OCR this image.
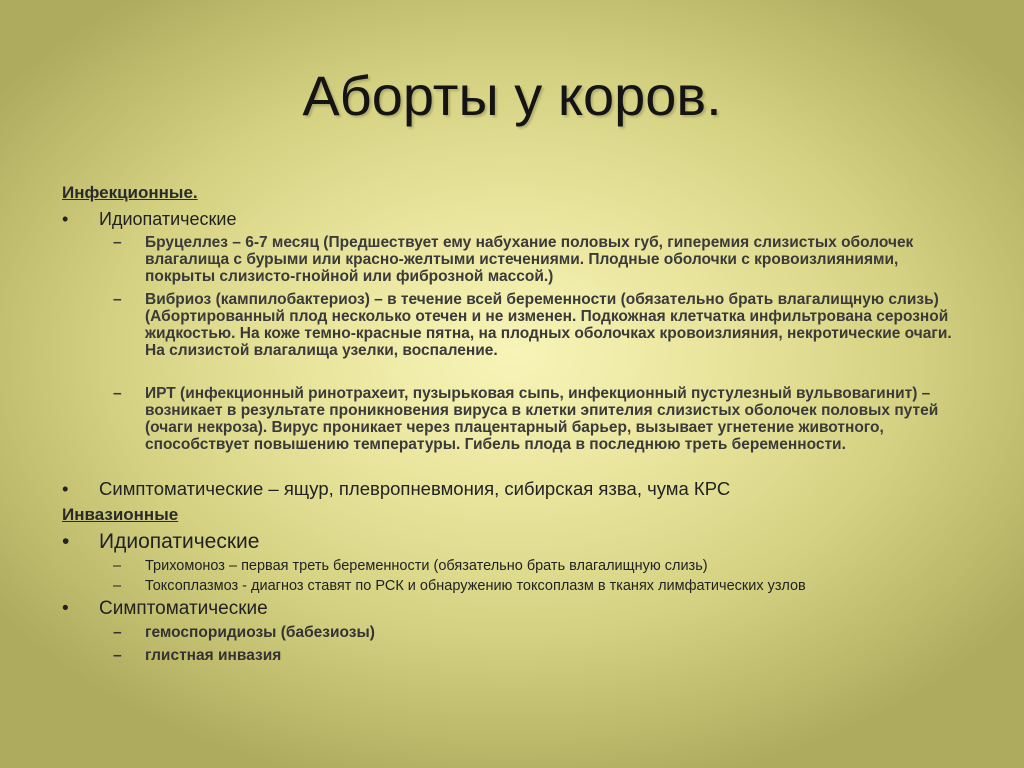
Аборты у коров.
Инфекционные.
• Идиопатические
– Бруцеллез – 6-7 месяц (Предшествует ему набухание половых губ, гиперемия слизистых оболочек влагалища с бурыми или красно-желтыми истечениями. Плодные оболочки с кровоизлияниями, покрыты слизисто-гнойной или фиброзной массой.)
– Вибриоз (кампилобактериоз) – в течение всей беременности (обязательно брать влагалищную слизь) (Абортированный плод несколько отечен и не изменен. Подкожная клетчатка инфильтрована серозной жидкостью. На коже темно-красные пятна, на плодных оболочках кровоизлияния, некротические очаги. На слизистой влагалища узелки, воспаление.
– ИРТ (инфекционный ринотрахеит, пузырьковая сыпь, инфекционный пустулезный вульвовагинит) – возникает в результате проникновения вируса в клетки эпителия слизистых оболочек половых путей (очаги некроза). Вирус проникает через плацентарный барьер, вызывает угнетение животного, способствует повышению температуры. Гибель плода в последнюю треть беременности.
• Симптоматические – ящур, плевропневмония, сибирская язва, чума КРС
Инвазионные
• Идиопатические
– Трихомоноз – первая треть беременности (обязательно брать влагалищную слизь)
– Токсоплазмоз - диагноз ставят по РСК и обнаружению токсоплазм в тканях лимфатических узлов
• Симптоматические
– гемоспоридиозы (бабезиозы)
– глистная инвазия
